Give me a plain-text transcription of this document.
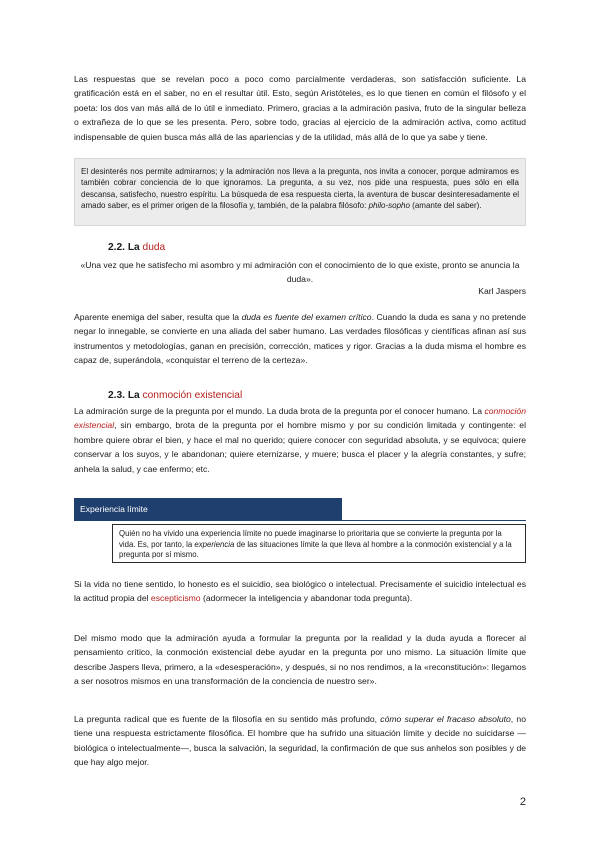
Las respuestas que se revelan poco a poco como parcialmente verdaderas, son satisfacción suficiente. La gratificación está en el saber, no en el resultar útil. Esto, según Aristóteles, es lo que tienen en común el filósofo y el poeta: los dos van más allá de lo útil e inmediato. Primero, gracias a la admiración pasiva, fruto de la singular belleza o extrañeza de lo que se les presenta. Pero, sobre todo, gracias al ejercicio de la admiración activa, como actitud indispensable de quien busca más allá de las apariencias y de la utilidad, más allá de lo que ya sabe y tiene.

El desinterés nos permite admirarnos; y la admiración nos lleva a la pregunta, nos invita a conocer, porque admiramos es también cobrar conciencia de lo que ignoramos. La pregunta, a su vez, nos pide una respuesta, pues sólo en ella descansa, satisfecho, nuestro espíritu. La búsqueda de esa respuesta cierta, la aventura de buscar desinteresadamente el amado saber, es el primer origen de la filosofía y, también, de la palabra filósofo: philo-sopho (amante del saber).
2.2. La duda

«Una vez que he satisfecho mi asombro y mi admiración con el conocimiento de lo que existe, pronto se anuncia la duda».

Karl Jaspers

Aparente enemiga del saber, resulta que la duda es fuente del examen crítico. Cuando la duda es sana y no pretende negar lo innegable, se convierte en una aliada del saber humano. Las verdades filosóficas y científicas afinan así sus instrumentos y metodologías, ganan en precisión, corrección, matices y rigor. Gracias a la duda misma el hombre es capaz de, superándola, «conquistar el terreno de la certeza».

2.3. La conmoción existencial

La admiración surge de la pregunta por el mundo. La duda brota de la pregunta por el conocer humano. La conmoción existencial, sin embargo, brota de la pregunta por el hombre mismo y por su condición limitada y contingente: el hombre quiere obrar el bien, y hace el mal no querido; quiere conocer con seguridad absoluta, y se equivoca; quiere conservar a los suyos, y le abandonan; quiere eternizarse, y muere; busca el placer y la alegría constantes, y sufre; anhela la salud, y cae enfermo; etc.

Experiencia límite
Quién no ha vivido una experiencia límite no puede imaginarse lo prioritaria que se convierte la pregunta por la vida. Es, por tanto, la experiencia de las situaciones límite la que lleva al hombre a la conmoción existencial y a la pregunta por sí mismo.

Si la vida no tiene sentido, lo honesto es el suicidio, sea biológico o intelectual. Precisamente el suicidio intelectual es la actitud propia del escepticismo (adormecer la inteligencia y abandonar toda pregunta).

Del mismo modo que la admiración ayuda a formular la pregunta por la realidad y la duda ayuda a florecer al pensamiento crítico, la conmoción existencial debe ayudar en la pregunta por uno mismo. La situación límite que describe Jaspers lleva, primero, a la «desesperación», y después, si no nos rendimos, a la «reconstitución»: llegamos a ser nosotros mismos en una transformación de la conciencia de nuestro ser».

La pregunta radical que es fuente de la filosofía en su sentido más profundo, cómo superar el fracaso absoluto, no tiene una respuesta estrictamente filosófica. El hombre que ha sufrido una situación límite y decide no suicidarse —biológica o intelectualmente—, busca la salvación, la seguridad, la confirmación de que sus anhelos son posibles y de que hay algo mejor.

2
